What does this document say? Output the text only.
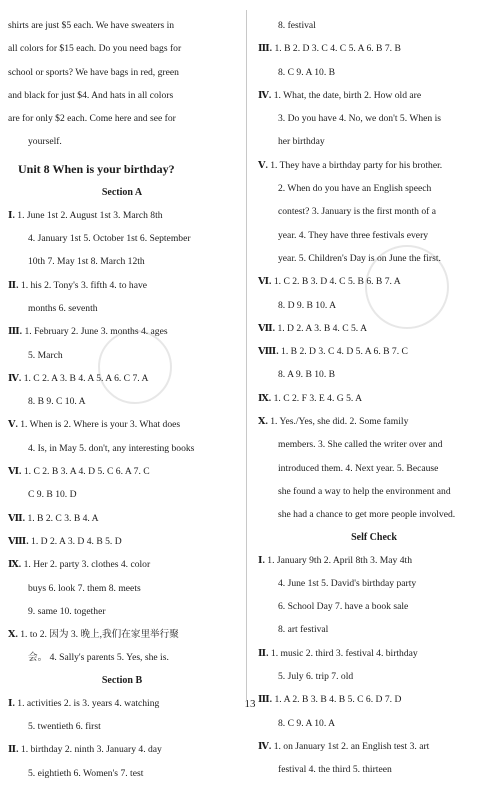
shirts are just $5 each. We have sweaters in
all colors for $15 each. Do you need bags for
school or sports? We have bags in red, green
and black for just $4. And hats in all colors
are for only $2 each. Come here and see for
yourself.
Unit 8 When is your birthday?
Section A
Ⅰ. 1. June 1st 2. August 1st 3. March 8th
4. January 1st 5. October 1st 6. September
10th 7. May 1st 8. March 12th
Ⅱ. 1. his 2. Tony's 3. fifth 4. to have
months 6. seventh
Ⅲ. 1. February 2. June 3. months 4. ages
5. March
Ⅳ. 1. C 2. A 3. B 4. A 5. A 6. C 7. A
8. B 9. C 10. A
Ⅴ. 1. When is 2. Where is your 3. What does
4. Is, in May 5. don't, any interesting books
Ⅵ. 1. C 2. B 3. A 4. D 5. C 6. A 7. C
C 9. B 10. D
Ⅶ. 1. B 2. C 3. B 4. A
Ⅷ. 1. D 2. A 3. D 4. B 5. D
Ⅸ. 1. Her 2. party 3. clothes 4. color
buys 6. look 7. them 8. meets
9. same 10. together
Ⅹ. 1. to 2. 因为 3. 晚上,我们在家里举行聚
会。 4. Sally's parents 5. Yes, she is.
Section B
Ⅰ. 1. activities 2. is 3. years 4. watching
5. twentieth 6. first
Ⅱ. 1. birthday 2. ninth 3. January 4. day
5. eightieth 6. Women's 7. test
8. festival
Ⅲ. 1. B 2. D 3. C 4. C 5. A 6. B 7. B
8. C 9. A 10. B
Ⅳ. 1. What, the date, birth 2. How old are
3. Do you have 4. No, we don't 5. When is
her birthday
Ⅴ. 1. They have a birthday party for his brother.
2. When do you have an English speech
contest? 3. January is the first month of a
year. 4. They have three festivals every
year. 5. Children's Day is on June the first.
Ⅵ. 1. C 2. B 3. D 4. C 5. B 6. B 7. A
8. D 9. B 10. A
Ⅶ. 1. D 2. A 3. B 4. C 5. A
Ⅷ. 1. B 2. D 3. C 4. D 5. A 6. B 7. C
8. A 9. B 10. B
Ⅸ. 1. C 2. F 3. E 4. G 5. A
Ⅹ. 1. Yes./Yes, she did. 2. Some family
members. 3. She called the writer over and
introduced them. 4. Next year. 5. Because
she found a way to help the environment and
she had a chance to get more people involved.
Self Check
Ⅰ. 1. January 9th 2. April 8th 3. May 4th
4. June 1st 5. David's birthday party
6. School Day 7. have a book sale
8. art festival
Ⅱ. 1. music 2. third 3. festival 4. birthday
5. July 6. trip 7. old
Ⅲ. 1. A 2. B 3. B 4. B 5. C 6. D 7. D
8. C 9. A 10. A
Ⅳ. 1. on January 1st 2. an English test 3. art
festival 4. the third 5. thirteen
13
